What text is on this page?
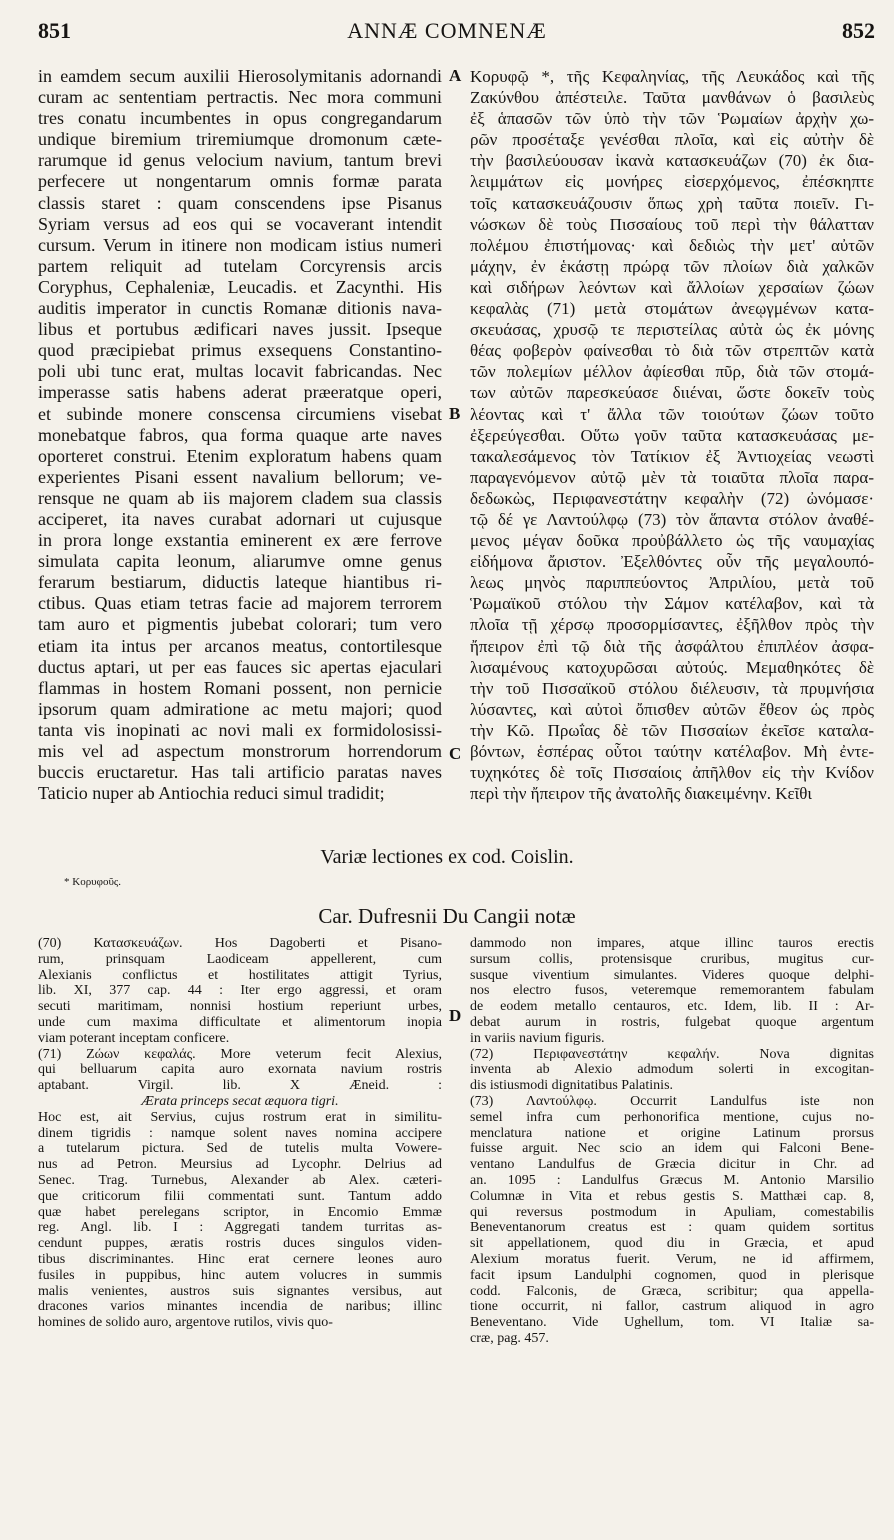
851	ANNÆ COMNENÆ	852
in eamdem secum auxilii Hierosolymitanis adornandi
curam ac sententiam pertractis. Nec mora communi
tres conatu incumbentes in opus congregandarum
undique biremium triremiumque dromonum cæte-
rarumque id genus velocium navium, tantum brevi
perfecere ut nongentarum omnis formæ parata
classis staret : quam conscendens ipse Pisanus
Syriam versus ad eos qui se vocaverant intendit
cursum. Verum in itinere non modicam istius numeri
partem reliquit ad tutelam Corcyrensis arcis
Coryphus, Cephaleniæ, Leucadis. et Zacynthi. His
auditis imperator in cunctis Romanæ ditionis nava-
libus et portubus ædificari naves jussit. Ipseque
quod præcipiebat primus exsequens Constantino-
poli ubi tunc erat, multas locavit fabricandas. Nec
imperasse satis habens aderat præeratque operi,
et subinde monere conscensa circumiens visebat
monebatque fabros, qua forma quaque arte naves
oporteret construi. Etenim exploratum habens quam
experientes Pisani essent navalium bellorum; ve-
rensque ne quam ab iis majorem cladem sua classis
acciperet, ita naves curabat adornari ut cujusque
in prora longe exstantia eminerent ex ære ferrove
simulata capita leonum, aliarumve omne genus
ferarum bestiarum, diductis lateque hiantibus ri-
ctibus. Quas etiam tetras facie ad majorem terrorem
tam auro et pigmentis jubebat colorari; tum vero
etiam ita intus per arcanos meatus, contortilesque
ductus aptari, ut per eas fauces sic apertas ejaculari
flammas in hostem Romani possent, non pernicie
ipsorum quam admiratione ac metu majori; quod
tanta vis inopinati ac novi mali ex formidolosissi-
mis vel ad aspectum monstrorum horrendorum
buccis eructaretur. Has tali artificio paratas naves
Taticio nuper ab Antiochia reduci simul tradidit;
Κορυφῷ *, τῆς Κεφαληνίας, τῆς Λευκάδος καὶ τῆς
Ζακύνθου ἀπέστειλε. Ταῦτα μανθάνων ὁ βασιλεὺς
ἐξ ἁπασῶν τῶν ὑπὸ τὴν τῶν Ῥωμαίων ἀρχὴν χω-
ρῶν προσέταξε γενέσθαι πλοῖα, καὶ εἰς αὐτὴν δὲ
τὴν βασιλεύουσαν ἱκανὰ κατασκευάζων (70) ἐκ δια-
λειμμάτων εἰς μονήρες εἰσερχόμενος, ἐπέσκηπτε
τοῖς κατασκευάζουσιν ὅπως χρὴ ταῦτα ποιεῖν. Γι-
νώσκων δὲ τοὺς Πισσαίους τοῦ περὶ τὴν θάλατταν
πολέμου ἐπιστήμονας· καὶ δεδιὼς τὴν μετ' αὐτῶν
μάχην, ἐν ἑκάστῃ πρώρᾳ τῶν πλοίων διὰ χαλκῶν
καὶ σιδήρων λεόντων καὶ ἄλλοίων χερσαίων ζώων
κεφαλὰς (71) μετὰ στομάτων ἀνεῳγμένων κατα-
σκευάσας, χρυσῷ τε περιστείλας αὐτὰ ὡς ἐκ μόνης
θέας φοβερὸν φαίνεσθαι τὸ διὰ τῶν στρεπτῶν κατὰ
τῶν πολεμίων μέλλον ἀφίεσθαι πῦρ, διὰ τῶν στομά-
των αὐτῶν παρεσκεύασε διιέναι, ὥστε δοκεῖν τοὺς
λέοντας καὶ τ' ἄλλα τῶν τοιούτων ζώων τοῦτο
ἐξερεύγεσθαι. Οὕτω γοῦν ταῦτα κατασκευάσας με-
τακαλεσάμενος τὸν Τατίκιον ἐξ Ἀντιοχείας νεωστὶ
παραγενόμενον αὐτῷ μὲν τὰ τοιαῦτα πλοῖα παρα-
δεδωκὼς, Περιφανεστάτην κεφαλὴν (72) ὠνόμασε·
τῷ δέ γε Λαντούλφῳ (73) τὸν ἅπαντα στόλον ἀναθέ-
μενος μέγαν δοῦκα προὐβάλλετο ὡς τῆς ναυμαχίας
εἰδήμονα ἄριστον. Ἐξελθόντες οὖν τῆς μεγαλουπό-
λεως μηνὸς παριππεύοντος Ἀπριλίου, μετὰ τοῦ
Ῥωμαϊκοῦ στόλου τὴν Σάμον κατέλαβον, καὶ τὰ
πλοῖα τῇ χέρσῳ προσορμίσαντες, ἐξῆλθον πρὸς τὴν
ἤπειρον ἐπὶ τῷ διὰ τῆς ἀσφάλτου ἐπιπλέον ἀσφα-
λισαμένους κατοχυρῶσαι αὐτούς. Μεμαθηκότες δὲ
τὴν τοῦ Πισσαϊκοῦ στόλου διέλευσιν, τὰ πρυμνήσια
λύσαντες, καὶ αὐτοὶ ὄπισθεν αὐτῶν ἔθεον ὡς πρὸς
τὴν Κῶ. Πρωΐας δὲ τῶν Πισσαίων ἐκεῖσε καταλα-
βόντων, ἑσπέρας οὗτοι ταύτην κατέλαβον. Μὴ ἐντε-
τυχηκότες δὲ τοῖς Πισσαίοις ἀπῆλθον εἰς τὴν Κνίδον
περὶ τὴν ἤπειρον τῆς ἀνατολῆς διακειμένην. Κεῖθι
A
B
C
D
Variæ lectiones ex cod. Coislin.
* Κορυφοῦς.
Car. Dufresnii Du Cangii notæ
(70) Κατασκευάζων. Hos Dagoberti et Pisano-
rum, prinsquam Laodiceam appellerent, cum
Alexianis conflictus et hostilitates attigit Tyrius,
lib. XI, 377 cap. 44 : Iter ergo aggressi, et oram
secuti maritimam, nonnisi hostium reperiunt urbes,
unde cum maxima difficultate et alimentorum inopia
viam poterant inceptam conficere.
(71) Ζώων κεφαλάς. More veterum fecit Alexius,
qui belluarum capita auro exornata navium rostris
aptabant. Virgil. lib. X Æneid. :
Ærata princeps secat æquora tigri.
Hoc est, ait Servius, cujus rostrum erat in similitu-
dinem tigridis : namque solent naves nomina accipere
a tutelarum pictura. Sed de tutelis multa Vowere-
nus ad Petron. Meursius ad Lycophr. Delrius ad
Senec. Trag. Turnebus, Alexander ab Alex. cæteri-
que criticorum filii commentati sunt. Tantum addo
quæ habet perelegans scriptor, in Encomio Emmæ
reg. Angl. lib. I : Aggregati tandem turritas as-
cendunt puppes, æratis rostris duces singulos viden-
tibus discriminantes. Hinc erat cernere leones auro
fusiles in puppibus, hinc autem volucres in summis
malis venientes, austros suis signantes versibus, aut
dracones varios minantes incendia de naribus; illinc
homines de solido auro, argentove rutilos, vivis quo-
dammodo non impares, atque illinc tauros erectis
sursum collis, protensisque cruribus, mugitus cur-
susque viventium simulantes. Videres quoque delphi-
nos electro fusos, veteremque rememorantem fabulam
de eodem metallo centauros, etc. Idem, lib. II : Ar-
debat aurum in rostris, fulgebat quoque argentum
in variis navium figuris.
(72) Περιφανεστάτην κεφαλήν. Nova dignitas
inventa ab Alexio admodum solerti in excogitan-
dis istiusmodi dignitatibus Palatinis.
(73) Λαντούλφῳ. Occurrit Landulfus iste non
semel infra cum perhonorifica mentione, cujus no-
menclatura natione et origine Latinum prorsus
fuisse arguit. Nec scio an idem qui Falconi Bene-
ventano Landulfus de Græcia dicitur in Chr. ad
an. 1095 : Landulfus Græcus M. Antonio Marsilio
Columnæ in Vita et rebus gestis S. Matthæi cap. 8,
qui reversus postmodum in Apuliam, comestabilis
Beneventanorum creatus est : quam quidem sortitus
sit appellationem, quod diu in Græcia, et apud
Alexium moratus fuerit. Verum, ne id affirmem,
facit ipsum Landulphi cognomen, quod in plerisque
codd. Falconis, de Græca, scribitur; qua appella-
tione occurrit, ni fallor, castrum aliquod in agro
Beneventano. Vide Ughellum, tom. VI Italiæ sa-
cræ, pag. 457.
